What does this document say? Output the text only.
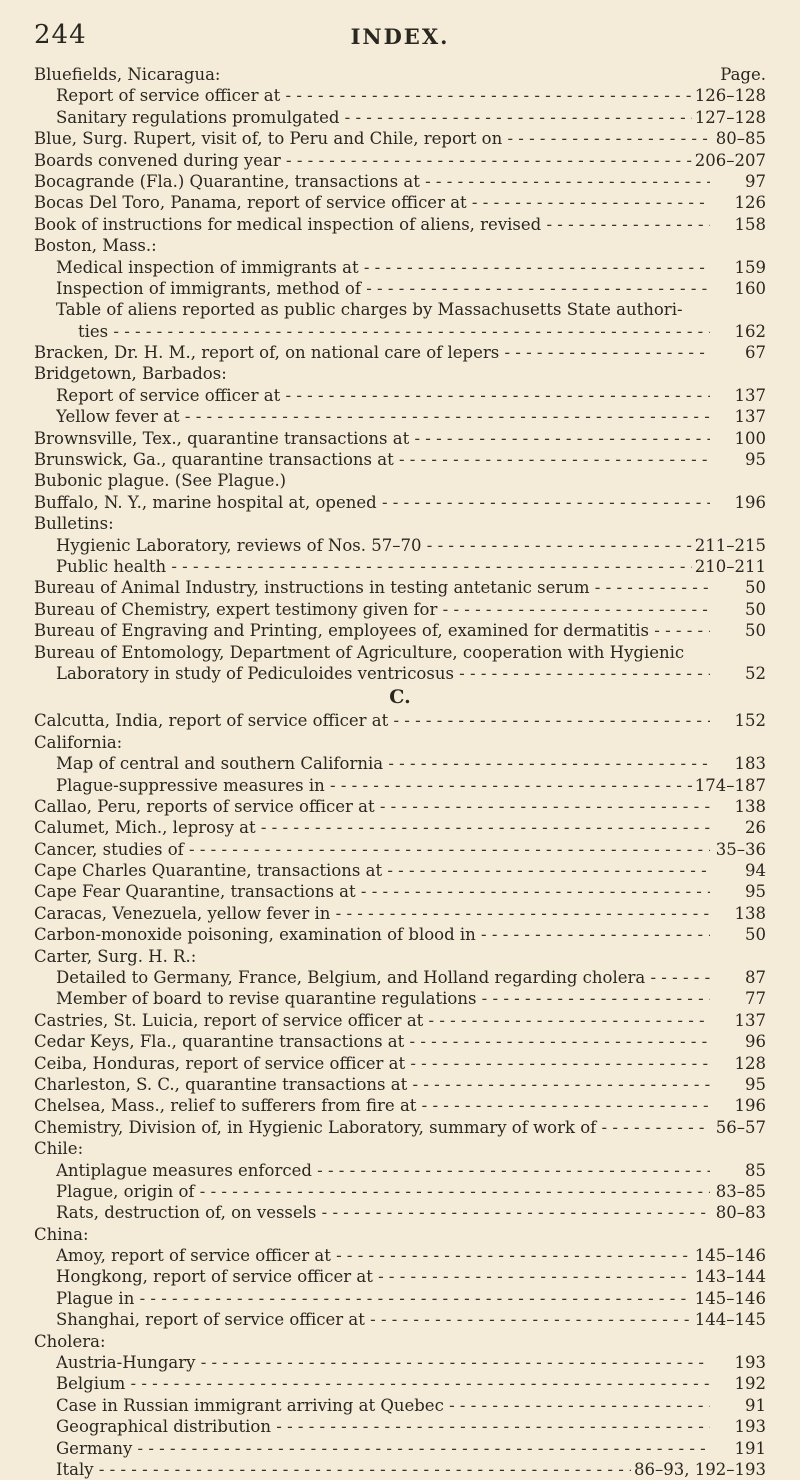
244	INDEX.
Bluefields, Nicaragua:	Page.
Report of service officer at - - -	126–128
Sanitary regulations promulgated - - -	127–128
Blue, Surg. Rupert, visit of, to Peru and Chile, report on - - -	80–85
Boards convened during year - - -	206–207
Bocagrande (Fla.) Quarantine, transactions at - - -	97
Bocas Del Toro, Panama, report of service officer at - - -	126
Book of instructions for medical inspection of aliens, revised - - -	158
Boston, Mass.:
Medical inspection of immigrants at - - -	159
Inspection of immigrants, method of - - -	160
Table of aliens reported as public charges by Massachusetts State authori-
ties - - -	162
Bracken, Dr. H. M., report of, on national care of lepers - - -	67
Bridgetown, Barbados:
Report of service officer at - - -	137
Yellow fever at - - -	137
Brownsville, Tex., quarantine transactions at - - -	100
Brunswick, Ga., quarantine transactions at - - -	95
Bubonic plague. (See Plague.)
Buffalo, N. Y., marine hospital at, opened - - -	196
Bulletins:
Hygienic Laboratory, reviews of Nos. 57–70 - - -	211–215
Public health - - -	210–211
Bureau of Animal Industry, instructions in testing antetanic serum - - -	50
Bureau of Chemistry, expert testimony given for - - -	50
Bureau of Engraving and Printing, employees of, examined for dermatitis - - -	50
Bureau of Entomology, Department of Agriculture, cooperation with Hygienic
Laboratory in study of Pediculoides ventricosus - - -	52
C.
Calcutta, India, report of service officer at - - -	152
California:
Map of central and southern California - - -	183
Plague-suppressive measures in - - -	174–187
Callao, Peru, reports of service officer at - - -	138
Calumet, Mich., leprosy at - - -	26
Cancer, studies of - - -	35–36
Cape Charles Quarantine, transactions at - - -	94
Cape Fear Quarantine, transactions at - - -	95
Caracas, Venezuela, yellow fever in - - -	138
Carbon-monoxide poisoning, examination of blood in - - -	50
Carter, Surg. H. R.:
Detailed to Germany, France, Belgium, and Holland regarding cholera - - -	87
Member of board to revise quarantine regulations - - -	77
Castries, St. Luicia, report of service officer at - - -	137
Cedar Keys, Fla., quarantine transactions at - - -	96
Ceiba, Honduras, report of service officer at - - -	128
Charleston, S. C., quarantine transactions at - - -	95
Chelsea, Mass., relief to sufferers from fire at - - -	196
Chemistry, Division of, in Hygienic Laboratory, summary of work of - - -	56–57
Chile:
Antiplague measures enforced - - -	85
Plague, origin of - - -	83–85
Rats, destruction of, on vessels - - -	80–83
China:
Amoy, report of service officer at - - -	145–146
Hongkong, report of service officer at - - -	143–144
Plague in - - -	145–146
Shanghai, report of service officer at - - -	144–145
Cholera:
Austria-Hungary - - -	193
Belgium - - -	192
Case in Russian immigrant arriving at Quebec - - -	91
Geographical distribution - - -	193
Germany - - -	191
Italy - - -	86–93, 192–193
